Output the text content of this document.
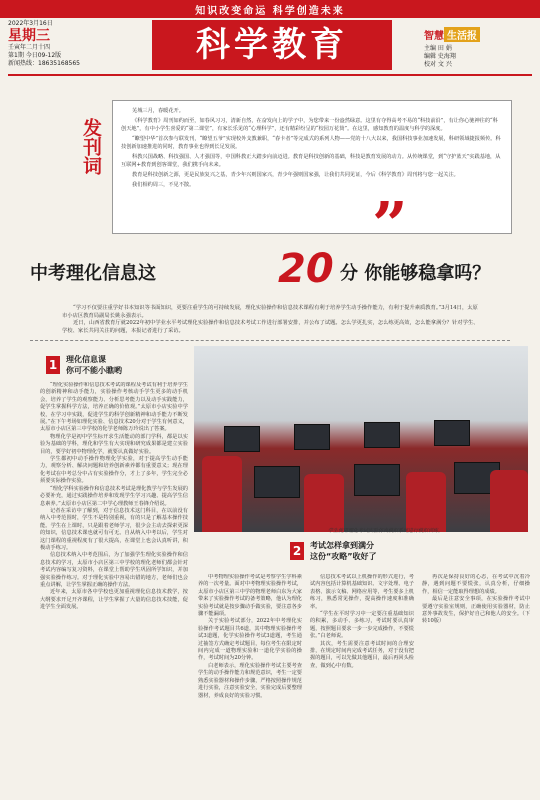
知识改变命运 科学创造未来
2022年3月16日
星期三
壬寅年二月十四
第1期 今日09-12版
新闻热线：18635168565	科学教育	智慧 生活报
主编 田 娟
编辑 史海翔
校对 文 兴
发刊词

芜城三月，春暖花开。

《科学教育》周刊如约而至，如春风习习，清新自然，在奋发向上的学子中，为您带来一份盎然绿意。这里有夺得高考不易的“科技前沿”，有让你心驰神往的“科创天地”，有中小学生喜爱的“第二课堂”，有家长乐见的“心理科学”，还有精彩纷呈的“校园万花筒”。在这里，感知教育的温度与科学的深度。

“瞭望中华”首次参与联发刊，“瞭望五爷”实现校外支教兼职，“春卡者”等完成式的系列人物——党的十八大以来，我国科技事业加速发展，科研领域捷报频传。科技创新加速推进的同时，教育事业也得到长足发展。

科教兴国战略、科技强国、人才强国等，中国科教正大踏步向前迈进。教育是科技创新的基础，科技是教育发展的动力。从传统课堂，到“守护蓝天”实践基地，从互联网+教育到创客课堂，我们携手向未来。

教育是科技创新之源，更是民族复兴之基，青少年兴则国家兴，青少年强则国家强，让我们共同见证，今后《科学教育》周刊将与您一起关注。

我们相约周三，不见不散。

”
中考理化信息这	20 分 你能够稳拿吗？

“学习不仅要注重学好书本知识等书面知识，更要注重学生的可持续发展，理化实验操作和信息技术课程有利于培养学生动手操作能力，有利于提升素质教育。”3月14日，太原市小店区教育局副局长姚永强表示。

近日，山西省教育厅就2022年初中学业水平考试理化实验操作和信息技术考试工作进行部署安排，并公布了试题。怎么学更扎实，怎么练更高效，怎么能拿满分？针对学生、学校、家长共同关注的问题，本报记者进行了采访。

1	理化信息课
你可不能小瞧哟

“理化实验操作和信息技术考试的课程及考试有利于培养学生的创新精神和动手能力，实验操作考核动手学生更多的动手机会，培养了学生的观察能力、分析思考能力以及动手实践能力，促学生掌握科学方法，培养正确的价值观。”太原市小店实验中学校，在学习中实践，促进学生的科学创新精神和动手能力不断发展。”在下午考场如理化实验、信息技术20分对于学生有何意义，太原市小店区第三中学校的化学老师陈万玲说出了答案。

物理化学是初中学生标开求生活能动的部门学科，都是以实验为基础的学科，理化和学生有大实现和研究成果都是建立实验目的，要学好初中物理化学，就要认真做好实验。

学生都初中动手操作物理化学实验，对于提高学生动手能力，观察分析、解决问题和培养创新素养都有重要意义；现在理化考试在中考总分中占有实验操作分，才上了多年，学生完全必须要实际操作实验。

“理化学科实验操作和信息技术考试是理化教学与学生发展的必要补充，通过实践操作培养和发现学生学习兴趣、提高学生信息素养。”太原市小店区第二中学心理教师王春锋介绍说。

记者在采访中了解到，对于信息技术这门科目，在以前没有纳入中考范围时，学生不是特别重视，有的只是了解基本操作技能。学生在上课时，只是跟着老师学习，很少会主动去探索更深的知识，信息技术课也就可有可无。自从纳入中考以后，学生对这门课程的重视程度有了很大提高，在课堂上也会认真听讲，积极动手练习。

信息技术纳入中考范围后，为了加强学生理化实验操作和信息技术的学习，太原市小店区第三中学校的理化老师们都会针对考试内容编写复习资料，在课堂上帮助学生巩固所学知识，并加强实验操作练习。对于理化实验中容易出错的地方，老师们也会重点讲解，让学生掌握正确的操作方法。

近年来，太原市各中学校也更加重视理化信息技术教学，按大纲要求开足开齐课程，让学生掌握了大量的信息技术技能，促进学生全面发展。

学生使用理化考试实验仿真模拟系统进行模拟训练。
2	考试怎样拿到满分
这份“攻略”收好了

中考物理实验操作考试是考察学生学科素养的一次考量。面对中考物理实验操作考试，太原市小店区第三中学的物理老师白东为大家带来了实验操作考试的备考策略，他认为理化实验考试就是按步骤动手做实验，要注意各步骤不能漏项。

关于实验考试部分，2022年中考理化实验操作考试题目共6道，其中物理实验操作考试3道题，化学实验操作考试3道题，考生通过抽签方式确定考试题目，每位考生在限定时间内完成一道物理实验和一道化学实验的操作，考试时间为20分钟。

白老师表示，理化实验操作考试主要考查学生的动手操作能力和规范意识，考生一定要熟悉实验器材和操作步骤，严格按照操作规范进行实验，注意实验安全，实验完成后要整理器材，养成良好的实验习惯。

信息技术考试以上机操作的形式进行，考试内容包括计算机基础知识、文字处理、电子表格、演示文稿、网络应用等，考生要多上机练习，熟悉常见操作，提高操作速度和准确率。

“学生在平时学习中一定要注重基础知识的积累，多动手、多练习，考试时要认真审题，按照题目要求一步一步完成操作，不要慌张。”白老师说。

其次，考生需要注意考试时间的合理安排，在规定时间内完成考试任务，对于没有把握的题目，可以先做其他题目，最后再回头检查，做到心中有数。

再次是保持良好的心态，在考试中沉着冷静，遇到问题不要慌张，认真分析，仔细操作，相信一定能取得理想的成绩。

最后是注意安全事项，在实验操作考试中要遵守实验室规则，正确使用实验器材，防止意外事故发生，保护好自己和他人的安全。（下转10版）
